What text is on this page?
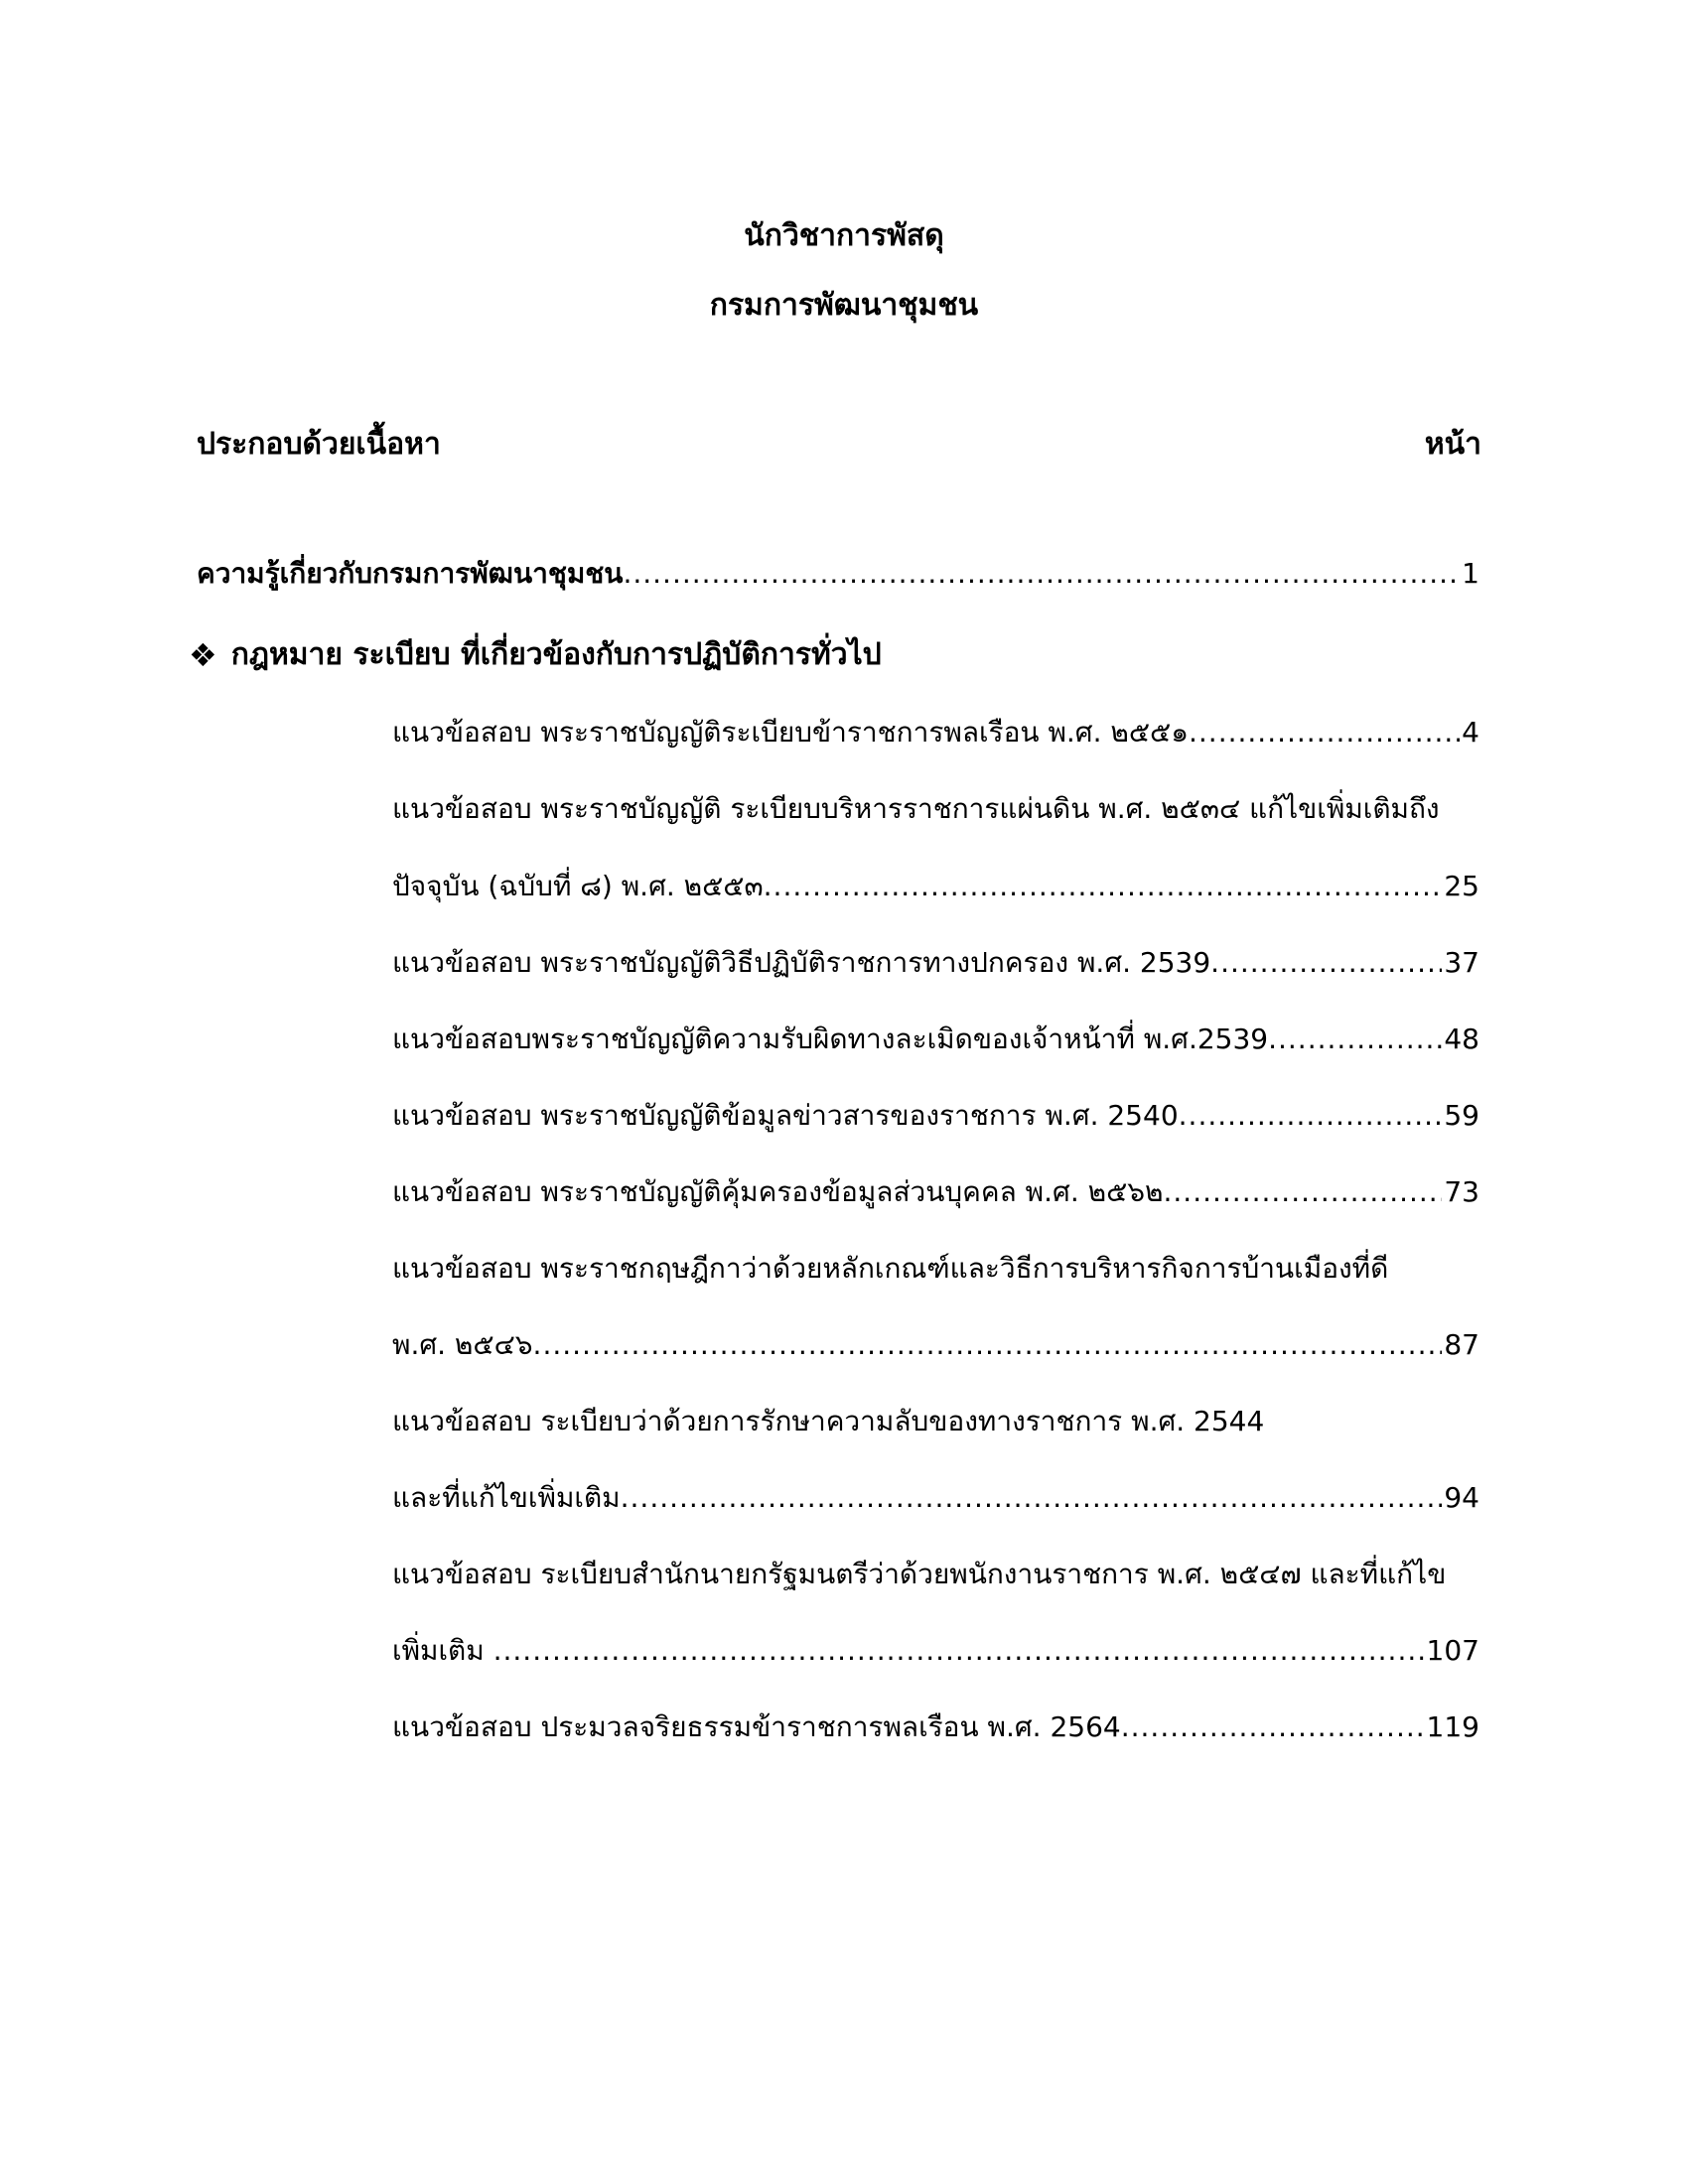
นักวิชาการพัสดุ
กรมการพัฒนาชุมชน
ประกอบด้วยเนื้อหา	หน้า
ความรู้เกี่ยวกับกรมการพัฒนาชุมชน .....	1
❖ กฎหมาย ระเบียบ ที่เกี่ยวข้องกับการปฏิบัติการทั่วไป
แนวข้อสอบ พระราชบัญญัติระเบียบข้าราชการพลเรือน พ.ศ. ๒๕๕๑ .....	4
แนวข้อสอบ พระราชบัญญัติ ระเบียบบริหารราชการแผ่นดิน พ.ศ. ๒๕๓๔ แก้ไขเพิ่มเติมถึง
ปัจจุบัน (ฉบับที่ ๘) พ.ศ. ๒๕๕๓ .....	25
แนวข้อสอบ พระราชบัญญัติวิธีปฏิบัติราชการทางปกครอง พ.ศ. 2539 .....	37
แนวข้อสอบพระราชบัญญัติความรับผิดทางละเมิดของเจ้าหน้าที่ พ.ศ.2539 .....	48
แนวข้อสอบ พระราชบัญญัติข้อมูลข่าวสารของราชการ พ.ศ. 2540 .....	59
แนวข้อสอบ พระราชบัญญัติคุ้มครองข้อมูลส่วนบุคคล พ.ศ. ๒๕๖๒ .....	73
แนวข้อสอบ พระราชกฤษฎีกาว่าด้วยหลักเกณฑ์และวิธีการบริหารกิจการบ้านเมืองที่ดี
พ.ศ. ๒๕๔๖ .....	87
แนวข้อสอบ ระเบียบว่าด้วยการรักษาความลับของทางราชการ พ.ศ. 2544
และที่แก้ไขเพิ่มเติม .....	94
แนวข้อสอบ ระเบียบสำนักนายกรัฐมนตรีว่าด้วยพนักงานราชการ พ.ศ. ๒๕๔๗ และที่แก้ไข
เพิ่มเติม .....	107
แนวข้อสอบ ประมวลจริยธรรมข้าราชการพลเรือน พ.ศ. 2564 .....	119
